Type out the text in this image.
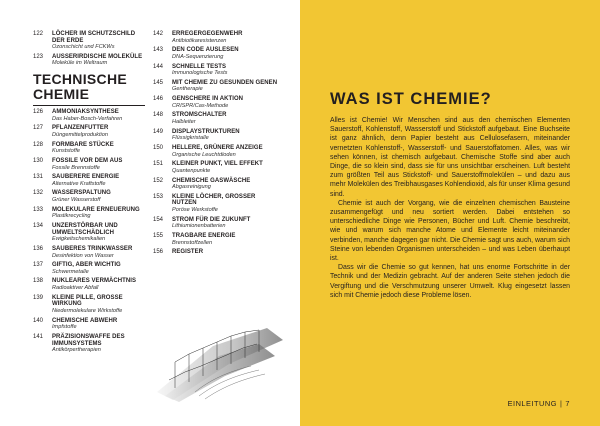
122	LÖCHER IM SCHUTZSCHILD DER ERDE
Ozonschicht und FCKWs
123	AUSSERIRDISCHE MOLEKÜLE
Moleküle im Weltraum
TECHNISCHE
CHEMIE
126	AMMONIAKSYNTHESE
Das Haber-Bosch-Verfahren
127	PFLANZENFUTTER
Düngemittelproduktion
128	FORMBARE STÜCKE
Kunststoffe
130	FOSSILE VOR DEM AUS
Fossile Brennstoffe
131	SAUBERERE ENERGIE
Alternative Kraftstoffe
132	WASSERSPALTUNG
Grüner Wasserstoff
133	MOLEKULARE ERNEUERUNG
Plastikrecycling
134	UNZERSTÖRBAR UND UMWELTSCHÄDLICH
Ewigkeitschemikalien
136	SAUBERES TRINKWASSER
Desinfektion von Wasser
137	GIFTIG, ABER WICHTIG
Schwermetalle
138	NUKLEARES VERMÄCHTNIS
Radioaktiver Abfall
139	KLEINE PILLE, GROSSE WIRKUNG
Niedermolekulare Wirkstoffe
140	CHEMISCHE ABWEHR
Impfstoffe
141	PRÄZISIONSWAFFE DES IMMUNSYSTEMS
Antikörpertherapien
142	ERREGERGEGENWEHR
Antibiotikaresistenzen
143	DEN CODE AUSLESEN
DNA-Sequenzierung
144	SCHNELLE TESTS
Immunologische Tests
145	MIT CHEMIE ZU GESUNDEN GENEN
Gentherapie
146	GENSCHERE IN AKTION
CRISPR/Cas-Methode
148	STROMSCHALTER
Halbleiter
149	DISPLAYSTRUKTUREN
Flüssigkristalle
150	HELLERE, GRÜNERE ANZEIGE
Organische Leuchtdioden
151	KLEINER PUNKT, VIEL EFFEKT
Quantenpunkte
152	CHEMISCHE GASWÄSCHE
Abgasreinigung
153	KLEINE LÖCHER, GROSSER NUTZEN
Poröse Werkstoffe
154	STROM FÜR DIE ZUKUNFT
Lithiumionenbatterien
155	TRAGBARE ENERGIE
Brennstoffzellen
156	REGISTER
WAS IST CHEMIE?

Alles ist Chemie! Wir Menschen sind aus den chemischen Elementen Sauerstoff, Kohlenstoff, Wasserstoff und Stickstoff aufgebaut. Eine Buchseite ist ganz ähnlich, denn Papier besteht aus Cellulosefasern, miteinander vernetzten Kohlenstoff-, Wasserstoff- und Sauerstoffatomen. Alles, was wir sehen können, ist chemisch aufgebaut. Chemische Stoffe sind aber auch Dinge, die so klein sind, dass sie für uns unsichtbar erscheinen. Luft besteht zum größten Teil aus Stickstoff- und Sauerstoffmolekülen – und dazu aus mehr Molekülen des Treibhausgases Kohlendioxid, als für unser Klima gesund sind.

Chemie ist auch der Vorgang, wie die einzelnen chemischen Bausteine zusammengefügt und neu sortiert werden. Dabei entstehen so unterschiedliche Dinge wie Personen, Bücher und Luft. Chemie beschreibt, wie und warum sich manche Atome und Elemente leicht miteinander verbinden, manche dagegen gar nicht. Die Chemie sagt uns auch, warum sich Steine von lebenden Organismen unterscheiden – und was Leben überhaupt ist.

Dass wir die Chemie so gut kennen, hat uns enorme Fortschritte in der Technik und der Medizin gebracht. Auf der anderen Seite stehen jedoch die Vergiftung und die Verschmutzung unserer Umwelt. Klug eingesetzt lassen sich mit Chemie jedoch diese Probleme lösen.

EINLEITUNG | 7
